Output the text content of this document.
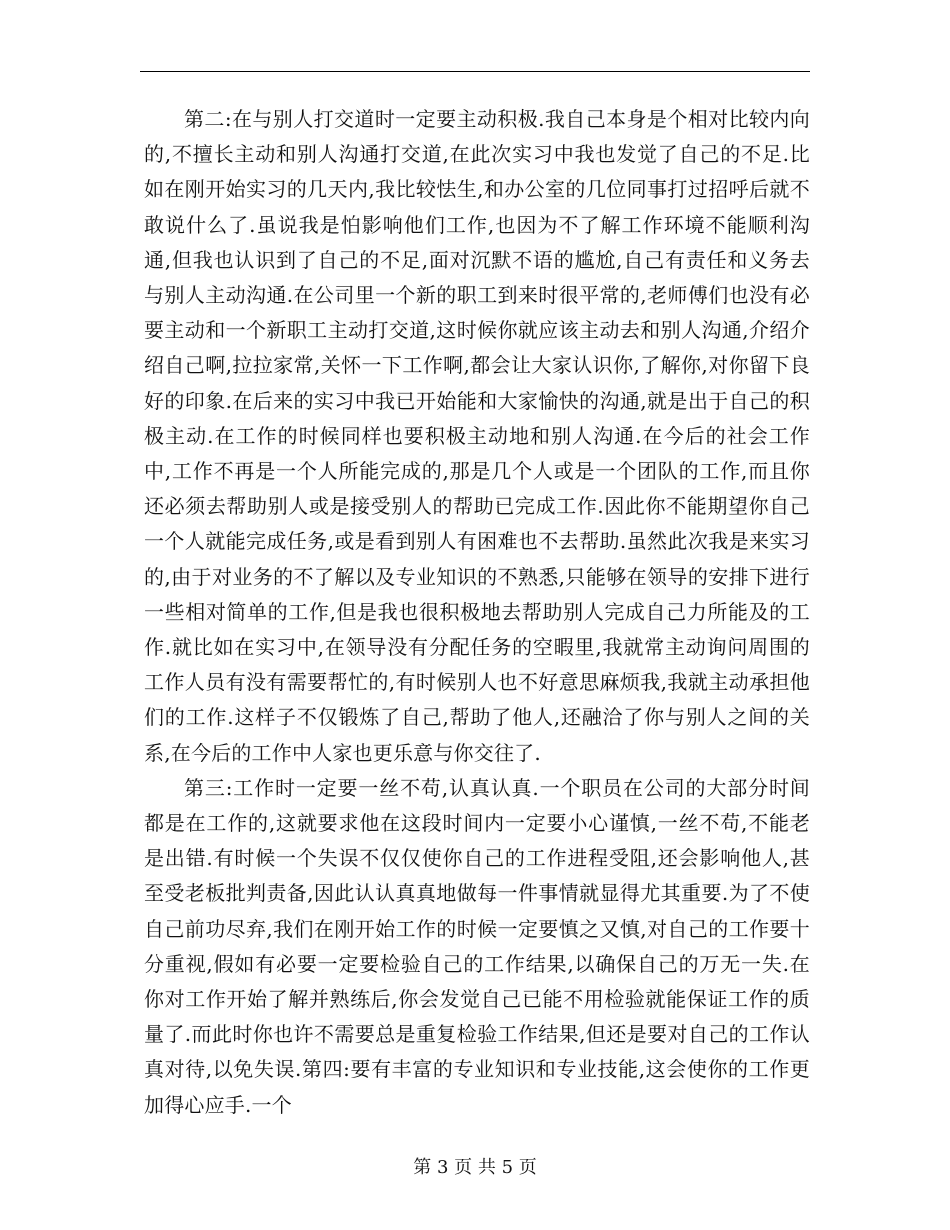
第二:在与别人打交道时一定要主动积极.我自己本身是个相对比较内向的,不擅长主动和别人沟通打交道,在此次实习中我也发觉了自己的不足.比如在刚开始实习的几天内,我比较怯生,和办公室的几位同事打过招呼后就不敢说什么了.虽说我是怕影响他们工作,也因为不了解工作环境不能顺利沟通,但我也认识到了自己的不足,面对沉默不语的尴尬,自己有责任和义务去与别人主动沟通.在公司里一个新的职工到来时很平常的,老师傅们也没有必要主动和一个新职工主动打交道,这时候你就应该主动去和别人沟通,介绍介绍自己啊,拉拉家常,关怀一下工作啊,都会让大家认识你,了解你,对你留下良好的印象.在后来的实习中我已开始能和大家愉快的沟通,就是出于自己的积极主动.在工作的时候同样也要积极主动地和别人沟通.在今后的社会工作中,工作不再是一个人所能完成的,那是几个人或是一个团队的工作,而且你还必须去帮助别人或是接受别人的帮助已完成工作.因此你不能期望你自己一个人就能完成任务,或是看到别人有困难也不去帮助.虽然此次我是来实习的,由于对业务的不了解以及专业知识的不熟悉,只能够在领导的安排下进行一些相对简单的工作,但是我也很积极地去帮助别人完成自己力所能及的工作.就比如在实习中,在领导没有分配任务的空暇里,我就常主动询问周围的工作人员有没有需要帮忙的,有时候别人也不好意思麻烦我,我就主动承担他们的工作.这样子不仅锻炼了自己,帮助了他人,还融洽了你与别人之间的关系,在今后的工作中人家也更乐意与你交往了.

第三:工作时一定要一丝不苟,认真认真.一个职员在公司的大部分时间都是在工作的,这就要求他在这段时间内一定要小心谨慎,一丝不苟,不能老是出错.有时候一个失误不仅仅使你自己的工作进程受阻,还会影响他人,甚至受老板批判责备,因此认认真真地做每一件事情就显得尤其重要.为了不使自己前功尽弃,我们在刚开始工作的时候一定要慎之又慎,对自己的工作要十分重视,假如有必要一定要检验自己的工作结果,以确保自己的万无一失.在你对工作开始了解并熟练后,你会发觉自己已能不用检验就能保证工作的质量了.而此时你也许不需要总是重复检验工作结果,但还是要对自己的工作认真对待,以免失误.第四:要有丰富的专业知识和专业技能,这会使你的工作更加得心应手.一个

第 3 页 共 5 页
